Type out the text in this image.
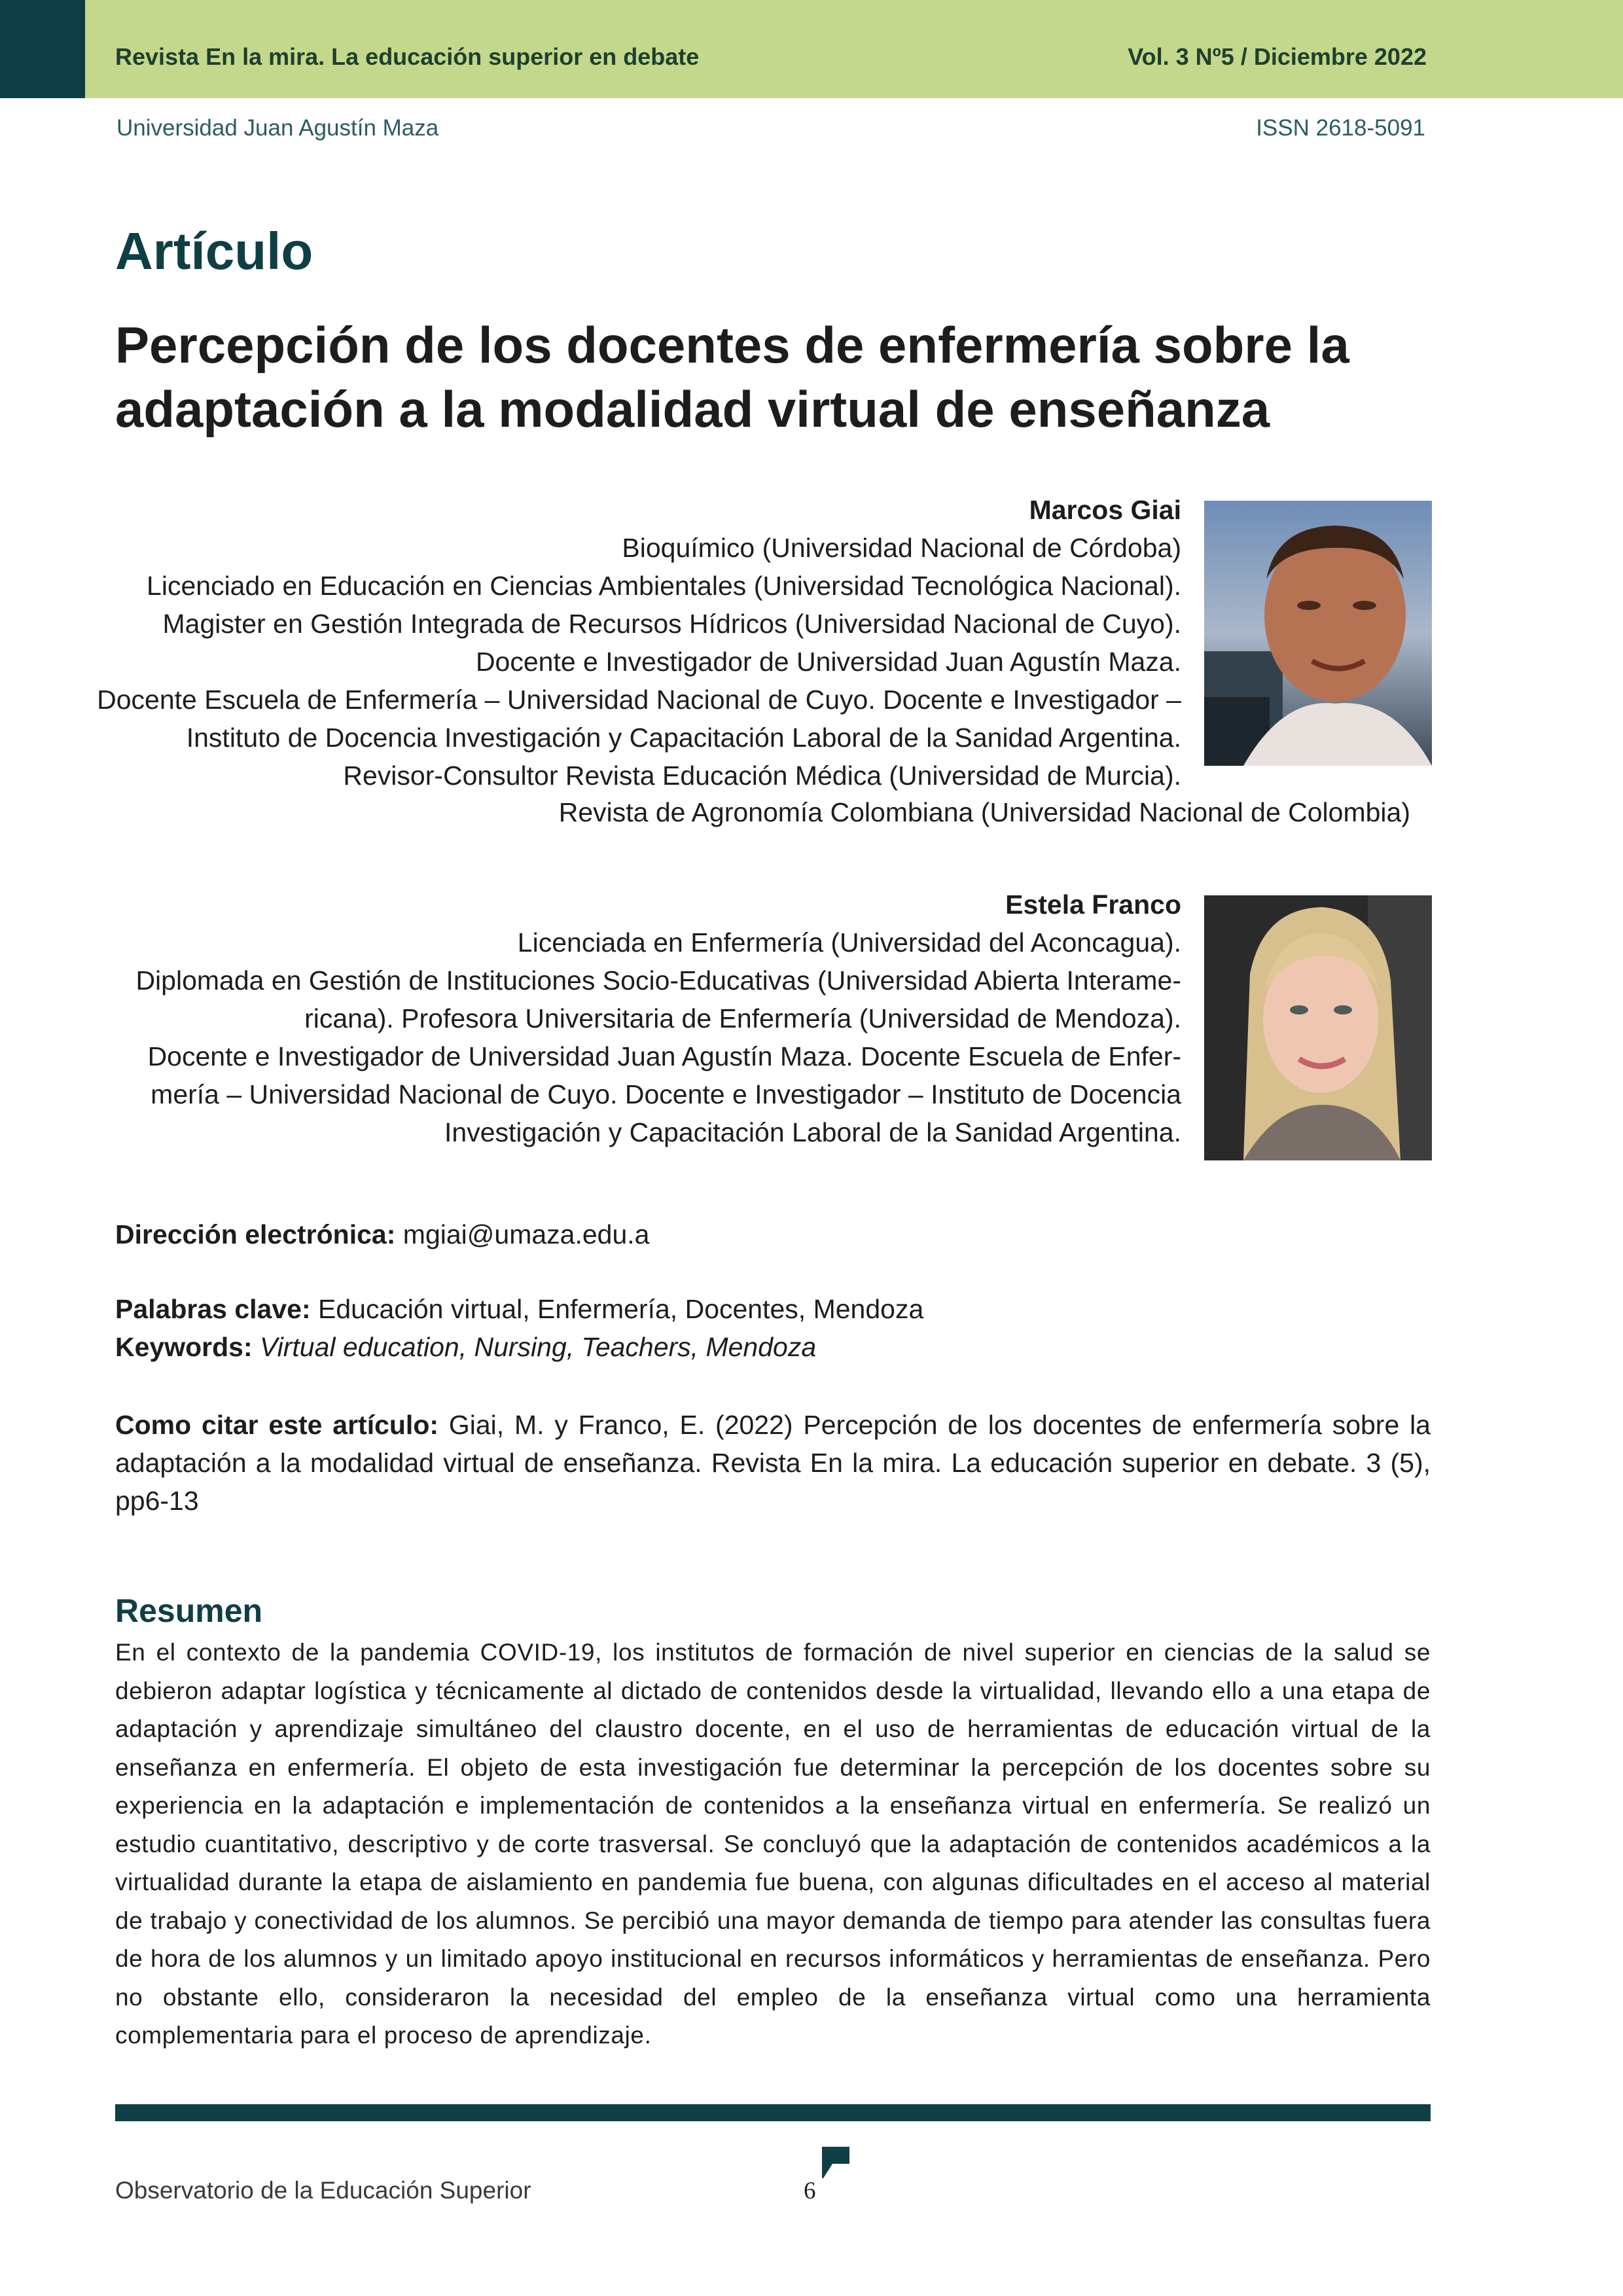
Revista En la mira. La educación superior en debate	Vol. 3 Nº5 / Diciembre 2022
Universidad Juan Agustín Maza	ISSN 2618-5091
Artículo
Percepción de los docentes de enfermería sobre la
adaptación a la modalidad virtual de enseñanza
Marcos Giai
Bioquímico (Universidad Nacional de Córdoba)
Licenciado en Educación en Ciencias Ambientales (Universidad Tecnológica Nacional).
Magister en Gestión Integrada de Recursos Hídricos (Universidad Nacional de Cuyo).
Docente e Investigador de Universidad Juan Agustín Maza.
Docente Escuela de Enfermería – Universidad Nacional de Cuyo. Docente e Investigador –
Instituto de Docencia Investigación y Capacitación Laboral de la Sanidad Argentina.
Revisor-Consultor Revista Educación Médica (Universidad de Murcia).
Revista de Agronomía Colombiana (Universidad Nacional de Colombia)
Estela Franco
Licenciada en Enfermería (Universidad del Aconcagua).
Diplomada en Gestión de Instituciones Socio-Educativas (Universidad Abierta Interame-
ricana). Profesora Universitaria de Enfermería (Universidad de Mendoza).
Docente e Investigador de Universidad Juan Agustín Maza. Docente Escuela de Enfer-
mería – Universidad Nacional de Cuyo. Docente e Investigador – Instituto de Docencia
Investigación y Capacitación Laboral de la Sanidad Argentina.
Dirección electrónica: mgiai@umaza.edu.a
Palabras clave: Educación virtual, Enfermería, Docentes, Mendoza
Keywords: Virtual education, Nursing, Teachers, Mendoza
Como citar este artículo: Giai, M. y Franco, E. (2022) Percepción de los docentes de enfermería sobre la adaptación a la modalidad virtual de enseñanza. Revista En la mira. La educación superior en debate. 3 (5), pp6-13
Resumen
En el contexto de la pandemia COVID-19, los institutos de formación de nivel superior en ciencias de la salud se debieron adaptar logística y técnicamente al dictado de contenidos desde la virtualidad, llevando ello a una etapa de adaptación y aprendizaje simultáneo del claustro docente, en el uso de herramientas de educación virtual de la enseñanza en enfermería. El objeto de esta investigación fue determinar la percepción de los docentes sobre su experiencia en la adaptación e implementación de contenidos a la enseñanza virtual en enfermería. Se realizó un estudio cuantitativo, descriptivo y de corte trasversal. Se concluyó que la adaptación de contenidos académicos a la virtualidad durante la etapa de aislamiento en pandemia fue buena, con algunas dificultades en el acceso al material de trabajo y conectividad de los alumnos. Se percibió una mayor demanda de tiempo para atender las consultas fuera de hora de los alumnos y un limitado apoyo institucional en recursos informáticos y herramientas de enseñanza. Pero no obstante ello, consideraron la necesidad del empleo de la enseñanza virtual como una herramienta complementaria para el proceso de aprendizaje.
Observatorio de la Educación Superior	6
